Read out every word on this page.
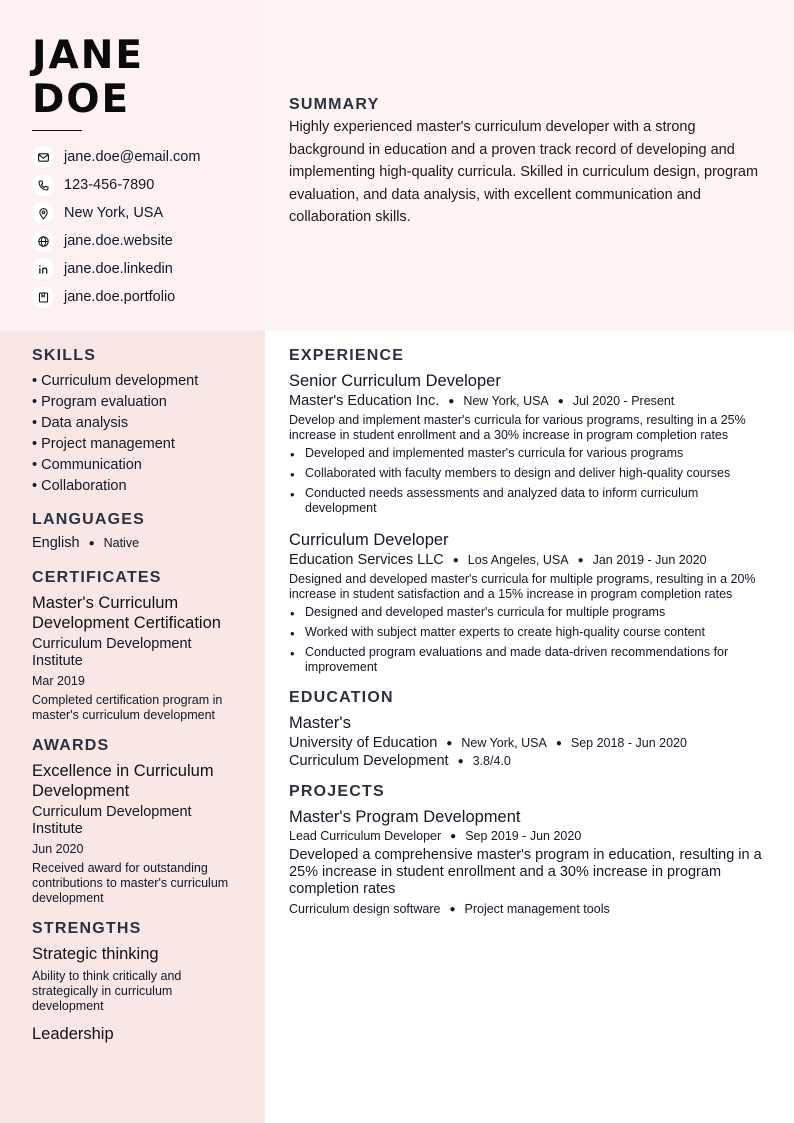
JANE
DOE
jane.doe@email.com
123-456-7890
New York, USA
jane.doe.website
jane.doe.linkedin
jane.doe.portfolio
SUMMARY

Highly experienced master's curriculum developer with a strong background in education and a proven track record of developing and implementing high-quality curricula. Skilled in curriculum design, program evaluation, and data analysis, with excellent communication and collaboration skills.

SKILLS
• Curriculum development
• Program evaluation
• Data analysis
• Project management
• Communication
• Collaboration
LANGUAGES
English ● Native
CERTIFICATES
Master's Curriculum Development Certification
Curriculum Development Institute
Mar 2019
Completed certification program in master's curriculum development
AWARDS
Excellence in Curriculum Development
Curriculum Development Institute
Jun 2020
Received award for outstanding contributions to master's curriculum development
STRENGTHS
Strategic thinking
Ability to think critically and strategically in curriculum development
Leadership
EXPERIENCE
Senior Curriculum Developer
Master's Education Inc. ● New York, USA ● Jul 2020 - Present
Develop and implement master's curricula for various programs, resulting in a 25% increase in student enrollment and a 30% increase in program completion rates
• Developed and implemented master's curricula for various programs
• Collaborated with faculty members to design and deliver high-quality courses
• Conducted needs assessments and analyzed data to inform curriculum development
Curriculum Developer
Education Services LLC ● Los Angeles, USA ● Jan 2019 - Jun 2020
Designed and developed master's curricula for multiple programs, resulting in a 20% increase in student satisfaction and a 15% increase in program completion rates
• Designed and developed master's curricula for multiple programs
• Worked with subject matter experts to create high-quality course content
• Conducted program evaluations and made data-driven recommendations for improvement
EDUCATION
Master's
University of Education ● New York, USA ● Sep 2018 - Jun 2020
Curriculum Development ● 3.8/4.0
PROJECTS
Master's Program Development
Lead Curriculum Developer ● Sep 2019 - Jun 2020
Developed a comprehensive master's program in education, resulting in a 25% increase in student enrollment and a 30% increase in program completion rates
Curriculum design software ● Project management tools
